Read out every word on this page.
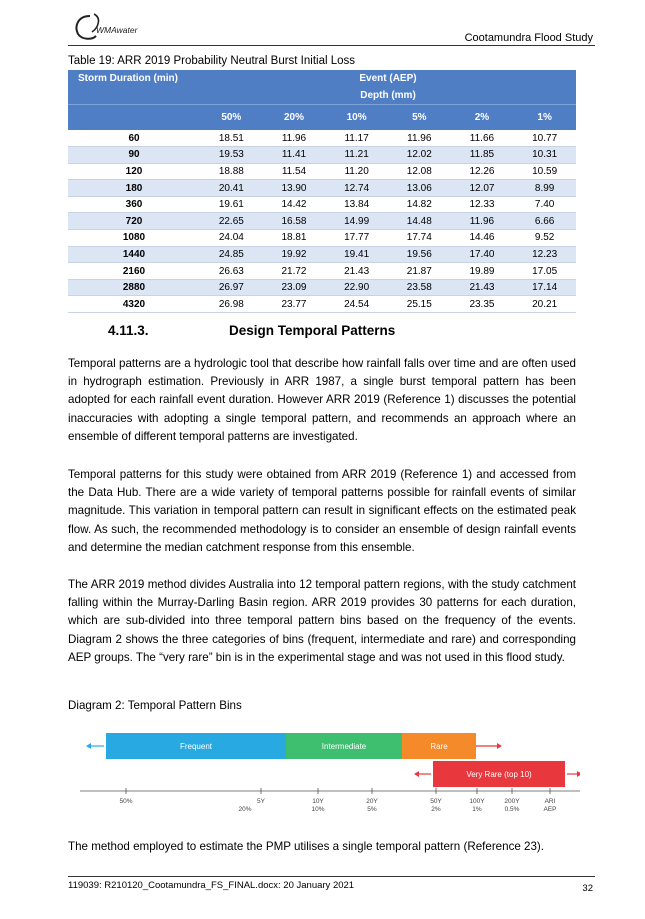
WMAwater
Cootamundra Flood Study
Table 19: ARR 2019 Probability Neutral Burst Initial Loss
Storm Duration (min)	Event (AEP)					
	Depth (mm)					
	50%	20%	10%	5%	2%	1%
60	18.51	11.96	11.17	11.96	11.66	10.77
90	19.53	11.41	11.21	12.02	11.85	10.31
120	18.88	11.54	11.20	12.08	12.26	10.59
180	20.41	13.90	12.74	13.06	12.07	8.99
360	19.61	14.42	13.84	14.82	12.33	7.40
720	22.65	16.58	14.99	14.48	11.96	6.66
1080	24.04	18.81	17.77	17.74	14.46	9.52
1440	24.85	19.92	19.41	19.56	17.40	12.23
2160	26.63	21.72	21.43	21.87	19.89	17.05
2880	26.97	23.09	22.90	23.58	21.43	17.14
4320	26.98	23.77	24.54	25.15	23.35	20.21
4.11.3.	Design Temporal Patterns

Temporal patterns are a hydrologic tool that describe how rainfall falls over time and are often used in hydrograph estimation. Previously in ARR 1987, a single burst temporal pattern has been adopted for each rainfall event duration. However ARR 2019 (Reference 1) discusses the potential inaccuracies with adopting a single temporal pattern, and recommends an approach where an ensemble of different temporal patterns are investigated.

Temporal patterns for this study were obtained from ARR 2019 (Reference 1) and accessed from the Data Hub. There are a wide variety of temporal patterns possible for rainfall events of similar magnitude. This variation in temporal pattern can result in significant effects on the estimated peak flow. As such, the recommended methodology is to consider an ensemble of design rainfall events and determine the median catchment response from this ensemble.

The ARR 2019 method divides Australia into 12 temporal pattern regions, with the study catchment falling within the Murray-Darling Basin region. ARR 2019 provides 30 patterns for each duration, which are sub-divided into three temporal pattern bins based on the frequency of the events. Diagram 2 shows the three categories of bins (frequent, intermediate and rare) and corresponding AEP groups. The “very rare” bin is in the experimental stage and was not used in this flood study.

Diagram 2: Temporal Pattern Bins
Frequent	Intermediate	Rare
Very Rare (top 10)
50%	5Y
20%
10Y
10%
20Y
5%
50Y
2%
100Y
1%
200Y
0.5%
ARI
AEP

The method employed to estimate the PMP utilises a single temporal pattern (Reference 23).

119039: R210120_Cootamundra_FS_FINAL.docx: 20 January 2021	32
